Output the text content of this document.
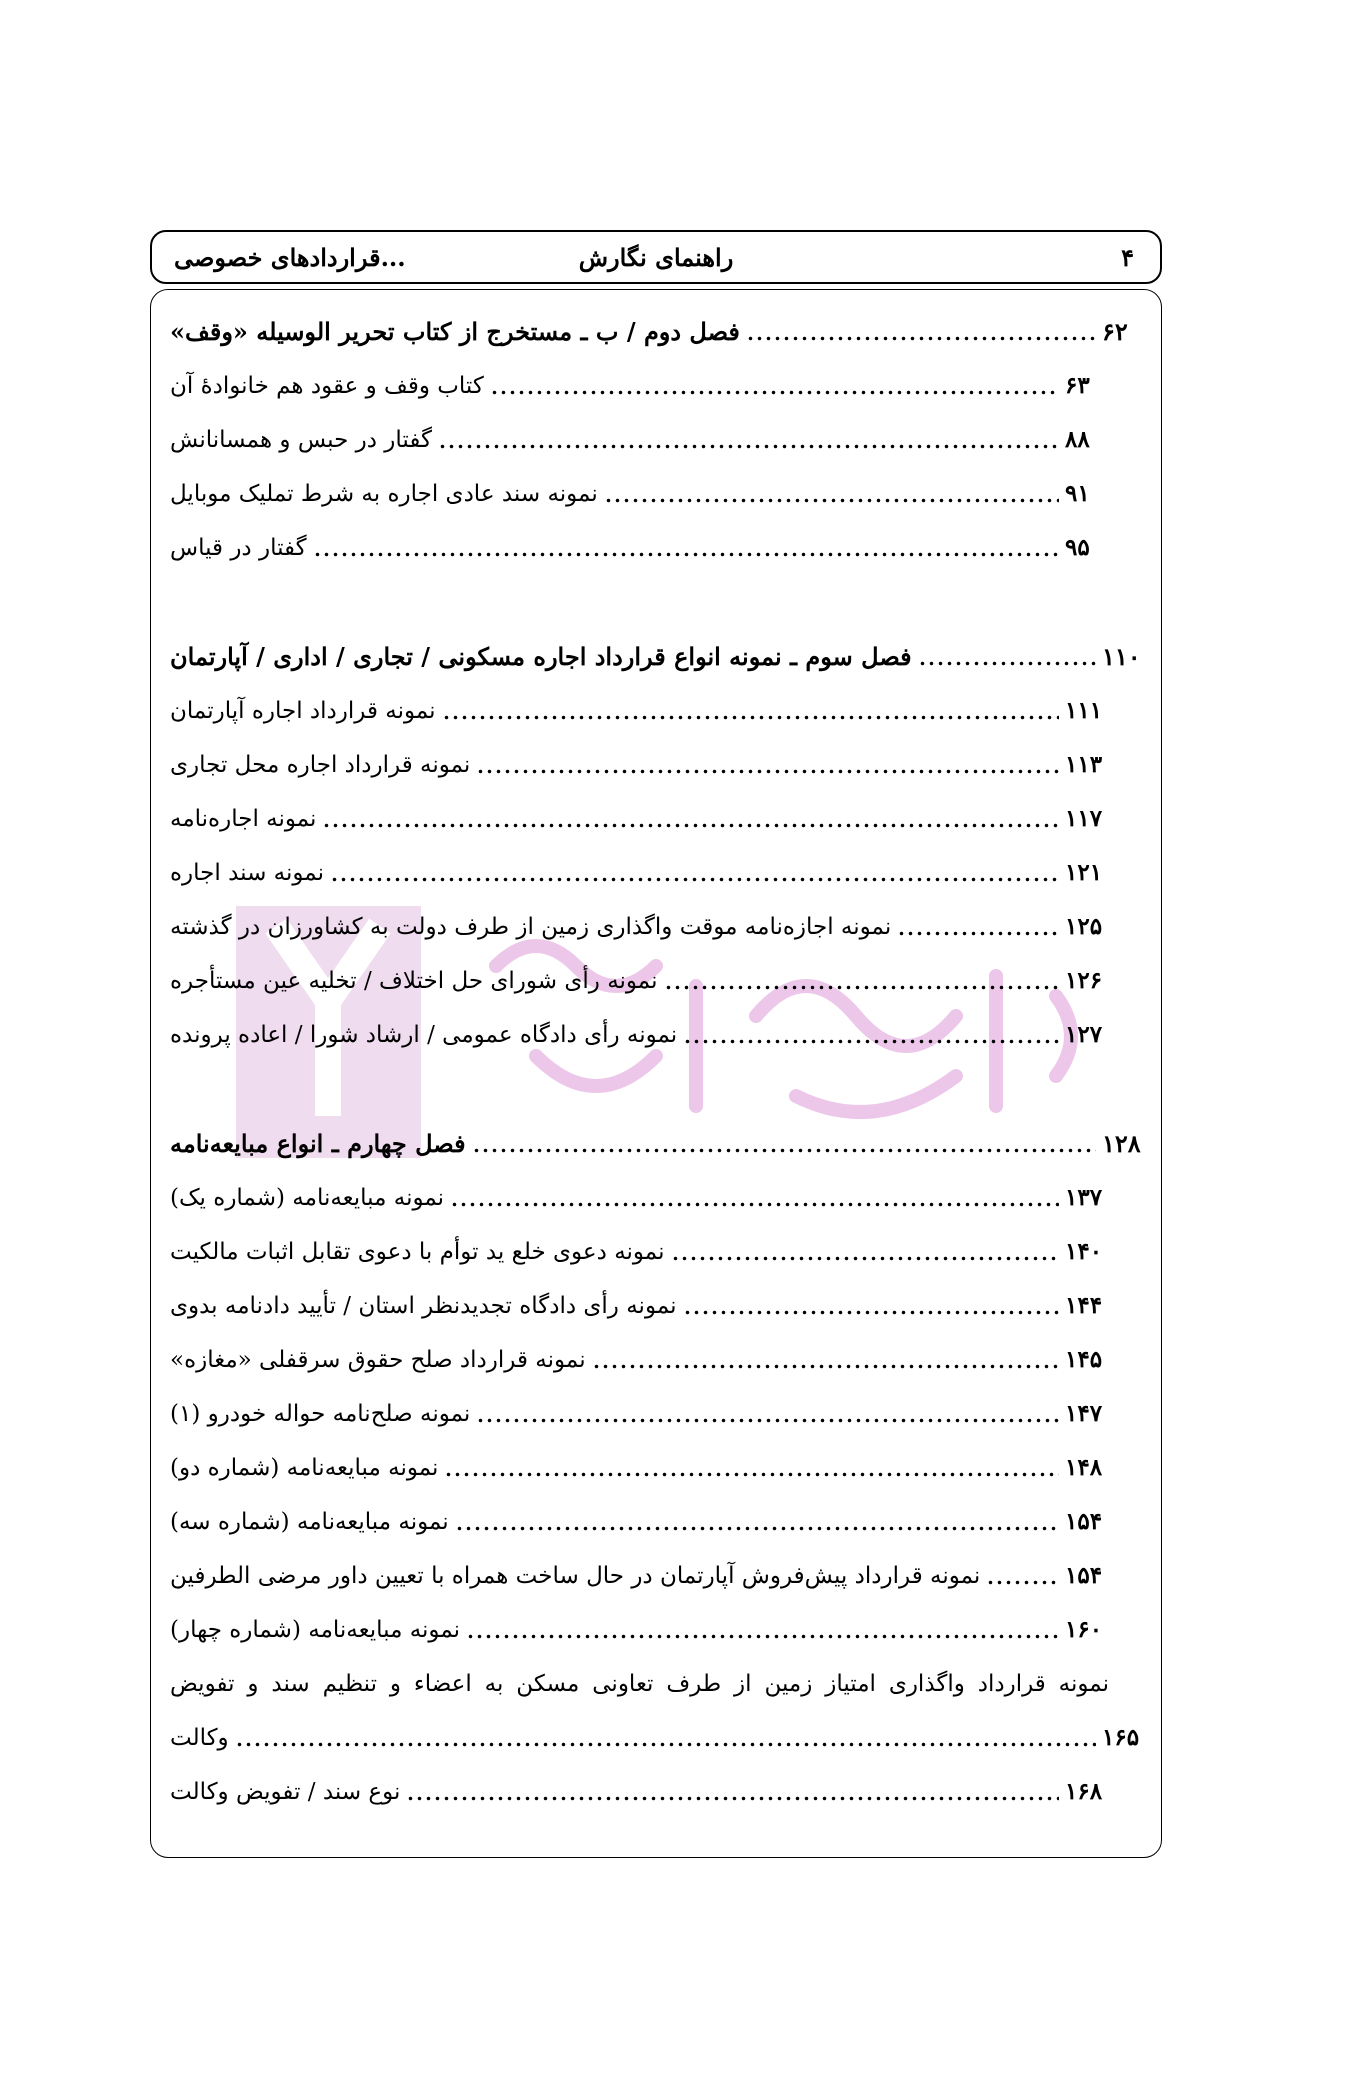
۴
راهنمای نگارش
قراردادهای خصوصی...
فصل دوم / ب ـ مستخرج از کتاب تحریر الوسیله «وقف»	۶۲
کتاب وقف و عقود هم خانوادۀ آن	۶۳
گفتار در حبس و همسانانش	۸۸
نمونه سند عادی اجاره به شرط تملیک موبایل	۹۱
گفتار در قیاس	۹۵
فصل سوم ـ نمونه انواع قرارداد اجاره مسکونی / تجاری / اداری / آپارتمان	۱۱۰
نمونه قرارداد اجاره آپارتمان	۱۱۱
نمونه قرارداد اجاره محل تجاری	۱۱۳
نمونه اجاره‌نامه	۱۱۷
نمونه سند اجاره	۱۲۱
نمونه اجازه‌نامه موقت واگذاری زمین از طرف دولت به کشاورزان در گذشته	۱۲۵
نمونه رأی شورای حل اختلاف / تخلیه عین مستأجره	۱۲۶
نمونه رأی دادگاه عمومی / ارشاد شورا / اعاده پرونده	۱۲۷
فصل چهارم ـ انواع مبایعه‌نامه	۱۲۸
نمونه مبایعه‌نامه (شماره یک)	۱۳۷
نمونه دعوی خلع ید توأم با دعوی تقابل اثبات مالکیت	۱۴۰
نمونه رأی دادگاه تجدیدنظر استان / تأیید دادنامه بدوی	۱۴۴
نمونه قرارداد صلح حقوق سرقفلی «مغازه»	۱۴۵
نمونه صلح‌نامه حواله خودرو (۱)	۱۴۷
نمونه مبایعه‌نامه (شماره دو)	۱۴۸
نمونه مبایعه‌نامه (شماره سه)	۱۵۴
نمونه قرارداد پیش‌فروش آپارتمان در حال ساخت همراه با تعیین داور مرضی الطرفین	۱۵۴
نمونه مبایعه‌نامه (شماره چهار)	۱۶۰
نمونه قرارداد واگذاری امتیاز زمین از طرف تعاونی مسکن به اعضاء و تنظیم سند و تفویض
وکالت	۱۶۵
نوع سند / تفویض وکالت	۱۶۸
